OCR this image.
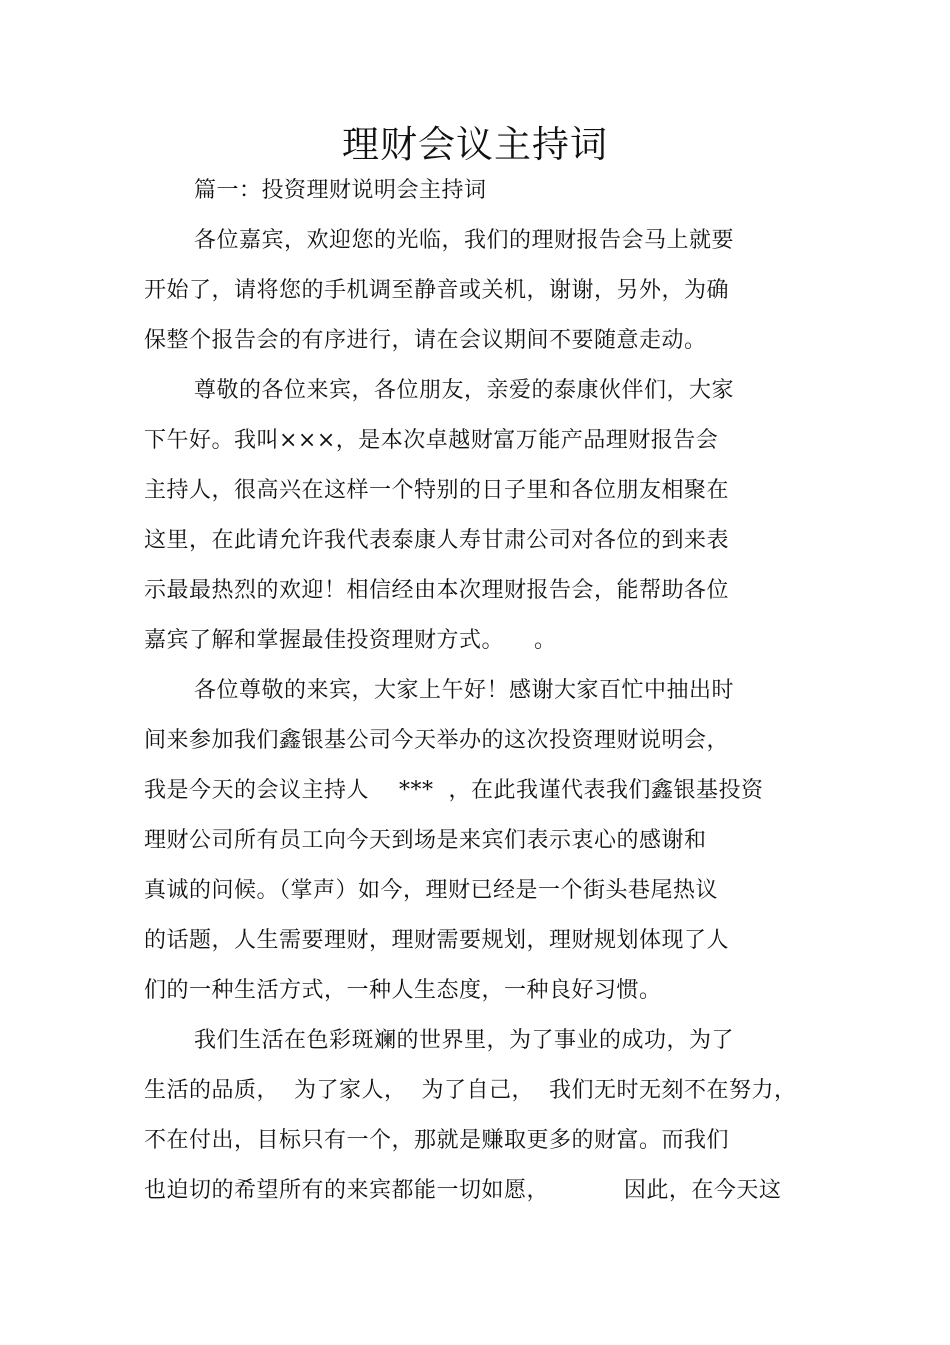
理财会议主持词
篇一：投资理财说明会主持词
各位嘉宾，欢迎您的光临，我们的理财报告会马上就要
开始了，请将您的手机调至静音或关机，谢谢，另外，为确
保整个报告会的有序进行，请在会议期间不要随意走动。
尊敬的各位来宾，各位朋友，亲爱的泰康伙伴们，大家
下午好。我叫×××，是本次卓越财富万能产品理财报告会
主持人，很高兴在这样一个特别的日子里和各位朋友相聚在
这里，在此请允许我代表泰康人寿甘肃公司对各位的到来表
示最最热烈的欢迎！相信经由本次理财报告会，能帮助各位
嘉宾了解和掌握最佳投资理财方式。    。
各位尊敬的来宾，大家上午好！感谢大家百忙中抽出时
间来参加我们鑫银基公司今天举办的这次投资理财说明会，
我是今天的会议主持人    ***  ，在此我谨代表我们鑫银基投资
理财公司所有员工向今天到场是来宾们表示衷心的感谢和
真诚的问候。（掌声）如今，理财已经是一个街头巷尾热议
的话题，人生需要理财，理财需要规划，理财规划体现了人
们的一种生活方式，一种人生态度，一种良好习惯。
我们生活在色彩斑斓的世界里，为了事业的成功，为了
生活的品质，  为了家人，  为了自己，  我们无时无刻不在努力，
不在付出，目标只有一个，那就是赚取更多的财富。而我们
也迫切的希望所有的来宾都能一切如愿，          因此，在今天这
